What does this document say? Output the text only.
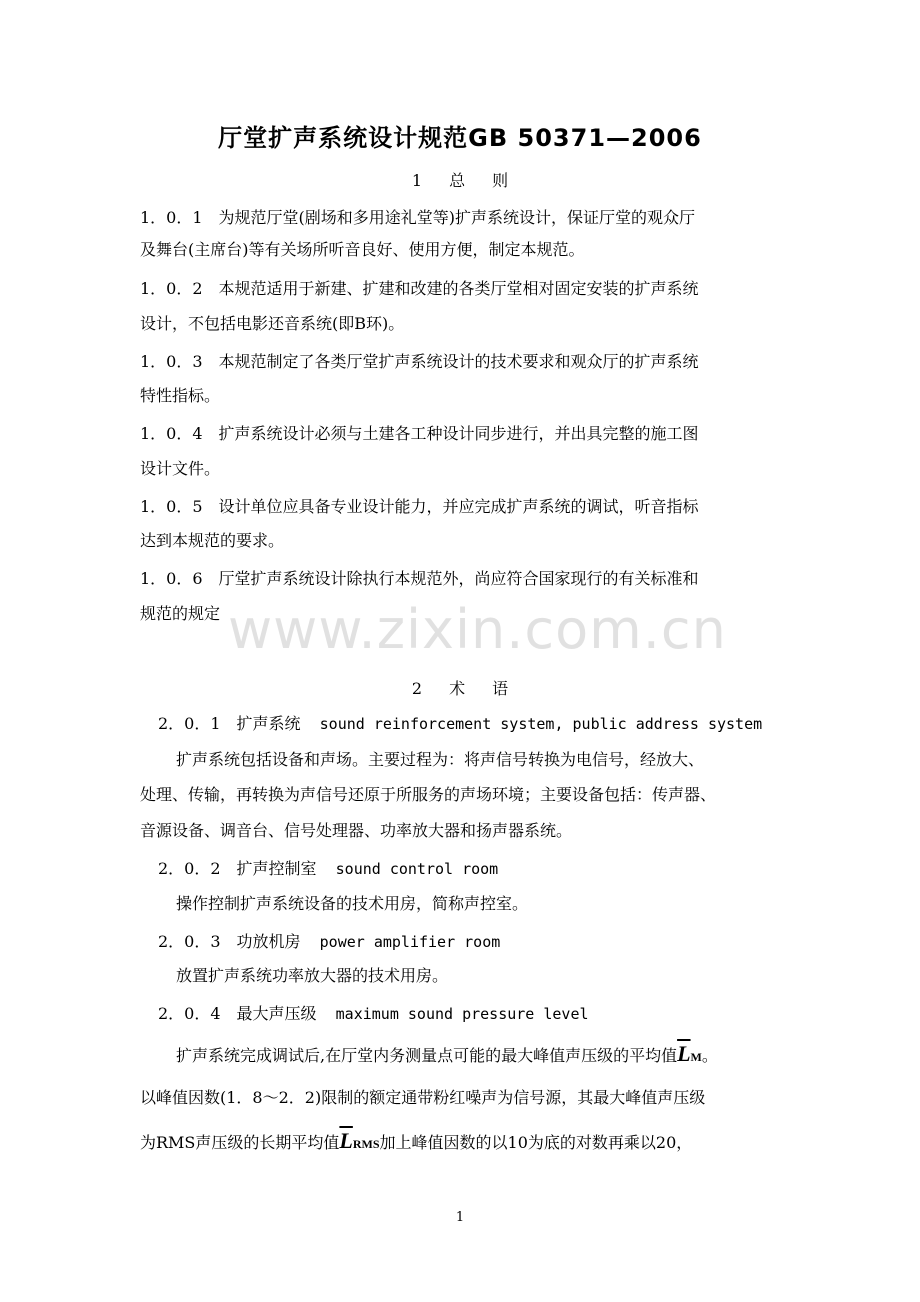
厅堂扩声系统设计规范GB 50371—2006
1 总 则
1．0．1　为规范厅堂(剧场和多用途礼堂等)扩声系统设计，保证厅堂的观众厅
及舞台(主席台)等有关场所听音良好、使用方便，制定本规范。
1．0．2　本规范适用于新建、扩建和改建的各类厅堂相对固定安装的扩声系统
设计，不包括电影还音系统(即B环)。
1．0．3　本规范制定了各类厅堂扩声系统设计的技术要求和观众厅的扩声系统
特性指标。
1．0．4　扩声系统设计必须与土建各工种设计同步进行，并出具完整的施工图
设计文件。
1．0．5　设计单位应具备专业设计能力，并应完成扩声系统的调试，听音指标
达到本规范的要求。
1．0．6　厅堂扩声系统设计除执行本规范外，尚应符合国家现行的有关标准和
规范的规定 www.zixin.com.cn
2 术 语
2．0．1　扩声系统 sound reinforcement system, public address system
扩声系统包括设备和声场。主要过程为：将声信号转换为电信号，经放大、
处理、传输，再转换为声信号还原于所服务的声场环境；主要设备包括：传声器、
音源设备、调音台、信号处理器、功率放大器和扬声器系统。
2．0．2　扩声控制室 sound control room
操作控制扩声系统设备的技术用房，简称声控室。
2．0．3　功放机房 power amplifier room
放置扩声系统功率放大器的技术用房。
2．0．4　最大声压级 maximum sound pressure level
扩声系统完成调试后,在厅堂内务测量点可能的最大峰值声压级的平均值$\overline{L}M$。
以峰值因数(1．8～2．2)限制的额定通带粉红噪声为信号源，其最大峰值声压级
为RMS声压级的长期平均值$\overline{L}RMS$加上峰值因数的以10为底的对数再乘以20，
1
